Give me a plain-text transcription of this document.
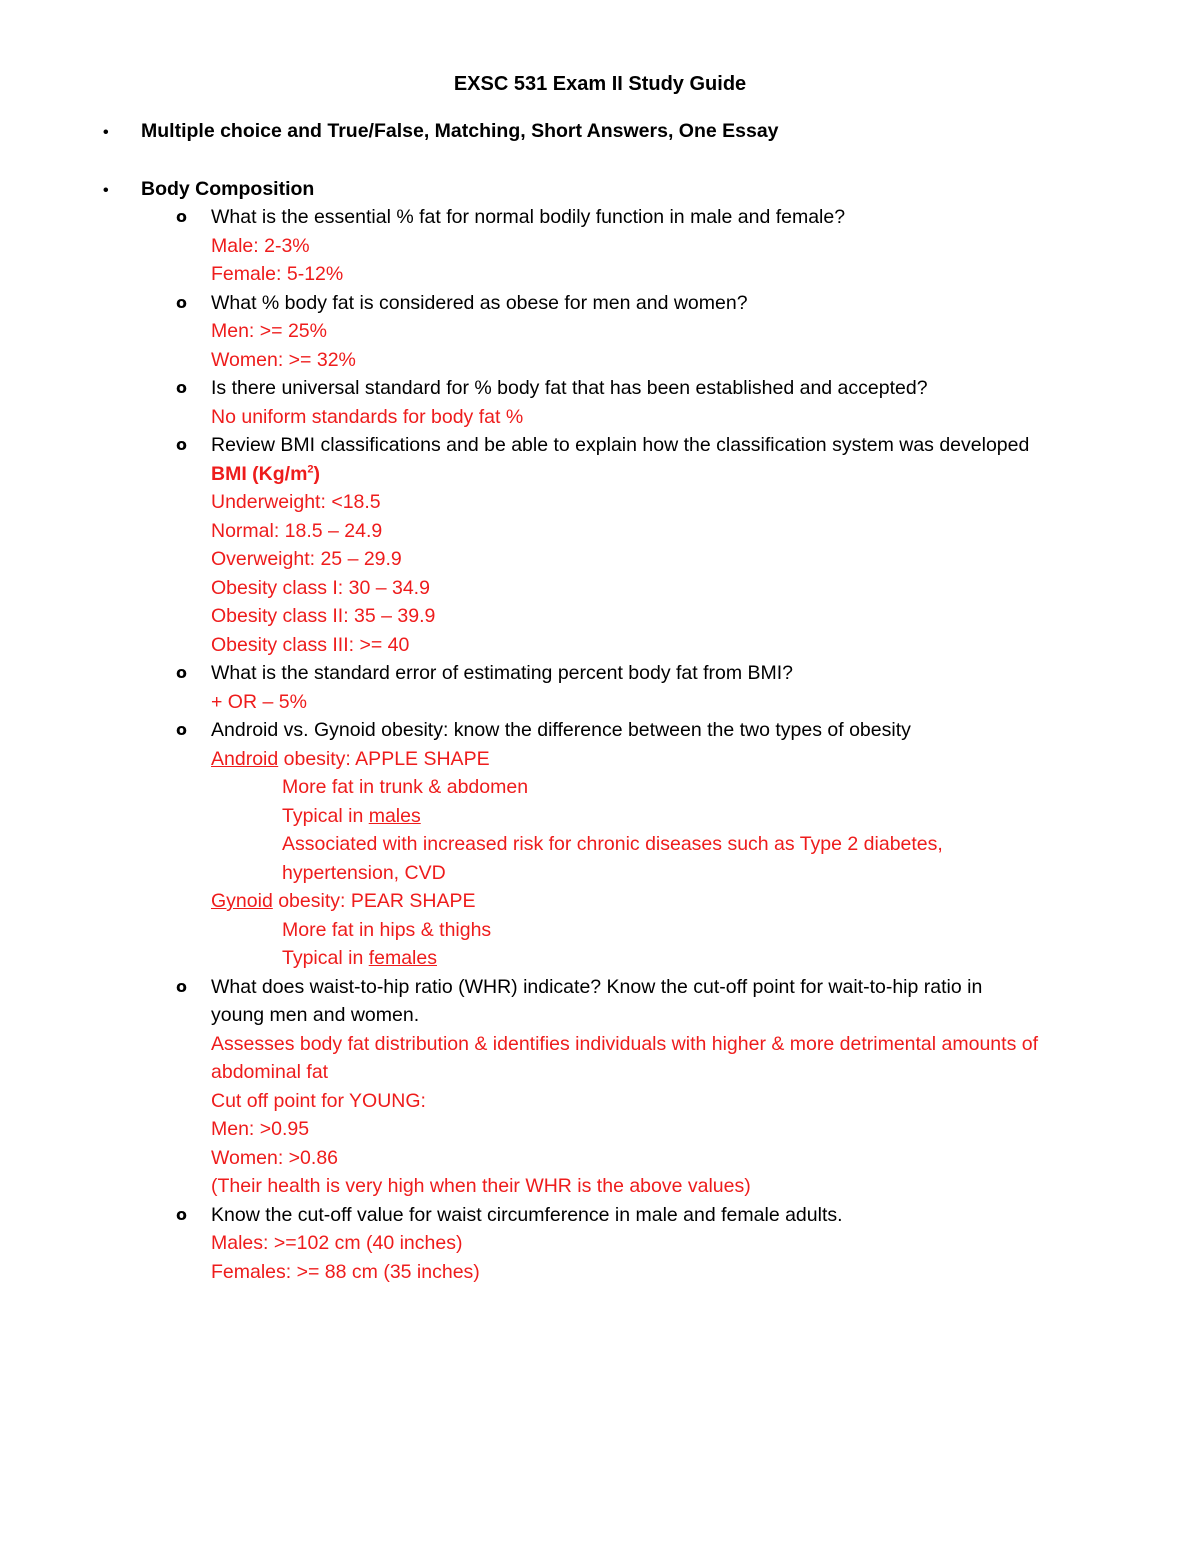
EXSC 531 Exam II Study Guide
• Multiple choice and True/False, Matching, Short Answers, One Essay
• Body Composition
o What is the essential % fat for normal bodily function in male and female?
Male: 2-3%
Female: 5-12%
o What % body fat is considered as obese for men and women?
Men: >= 25%
Women: >= 32%
o Is there universal standard for % body fat that has been established and accepted?
No uniform standards for body fat %
o Review BMI classifications and be able to explain how the classification system was developed
BMI $(Kg/m^2)$
Underweight: <18.5
Normal: 18.5 – 24.9
Overweight: 25 – 29.9
Obesity class I: 30 – 34.9
Obesity class II: 35 – 39.9
Obesity class III: >= 40
o What is the standard error of estimating percent body fat from BMI?
+ OR – 5%
o Android vs. Gynoid obesity: know the difference between the two types of obesity
Android obesity: APPLE SHAPE
More fat in trunk & abdomen
Typical in males
Associated with increased risk for chronic diseases such as Type 2 diabetes,
hypertension, CVD
Gynoid obesity: PEAR SHAPE
More fat in hips & thighs
Typical in females
o What does waist-to-hip ratio (WHR) indicate? Know the cut-off point for wait-to-hip ratio in
young men and women.
Assesses body fat distribution & identifies individuals with higher & more detrimental amounts of
abdominal fat
Cut off point for YOUNG:
Men: >0.95
Women: >0.86
(Their health is very high when their WHR is the above values)
o Know the cut-off value for waist circumference in male and female adults.
Males: >=102 cm (40 inches)
Females: >= 88 cm (35 inches)
